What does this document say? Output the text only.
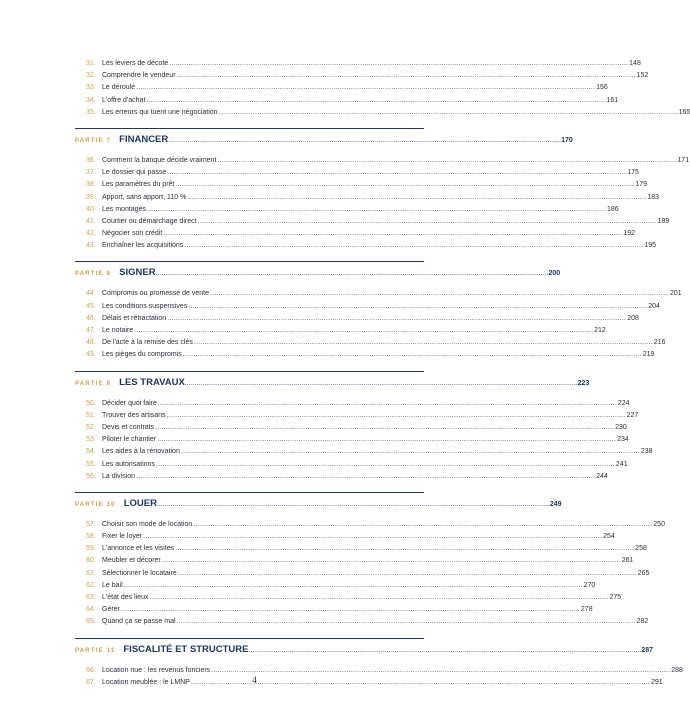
31. Les leviers de décote .....	148
32. Comprendre le vendeur .....	152
33. Le déroulé .....	156
34. L'offre d'achat .....	161
35. Les erreurs qui tuent une négociation .....	165
PARTIE 7 FINANCER .....	170
36. Comment la banque décide vraiment .....	171
37. Le dossier qui passe .....	175
38. Les paramètres du prêt .....	179
39. Apport, sans apport, 110 % .....	183
40. Les montages .....	186
41. Courtier ou démarchage direct .....	189
42. Négocier son crédit .....	192
43. Enchaîner les acquisitions .....	195
PARTIE 8 SIGNER .....	200
44. Compromis ou promesse de vente .....	201
45. Les conditions suspensives .....	204
46. Délais et rétractation .....	208
47. Le notaire .....	212
48. De l'acte à la remise des clés .....	216
49. Les pièges du compromis .....	219
PARTIE 9 LES TRAVAUX .....	223
50. Décider quoi faire .....	224
51. Trouver des artisans .....	227
52. Devis et contrats .....	230
53. Piloter le chantier .....	234
54. Les aides à la rénovation .....	238
55. Les autorisations .....	241
56. La division .....	244
PARTIE 10 LOUER .....	249
57. Choisir son mode de location .....	250
58. Fixer le loyer .....	254
59. L'annonce et les visites .....	258
60. Meubler et décorer .....	261
61. Sélectionner le locataire .....	265
62. Le bail .....	270
63. L'état des lieux .....	275
64. Gérer .....	278
65. Quand ça se passe mal .....	282
PARTIE 11 FISCALITÉ ET STRUCTURE .....	287
66. Location nue : les revenus fonciers .....	288
67. Location meublée : le LMNP .....	291
4
